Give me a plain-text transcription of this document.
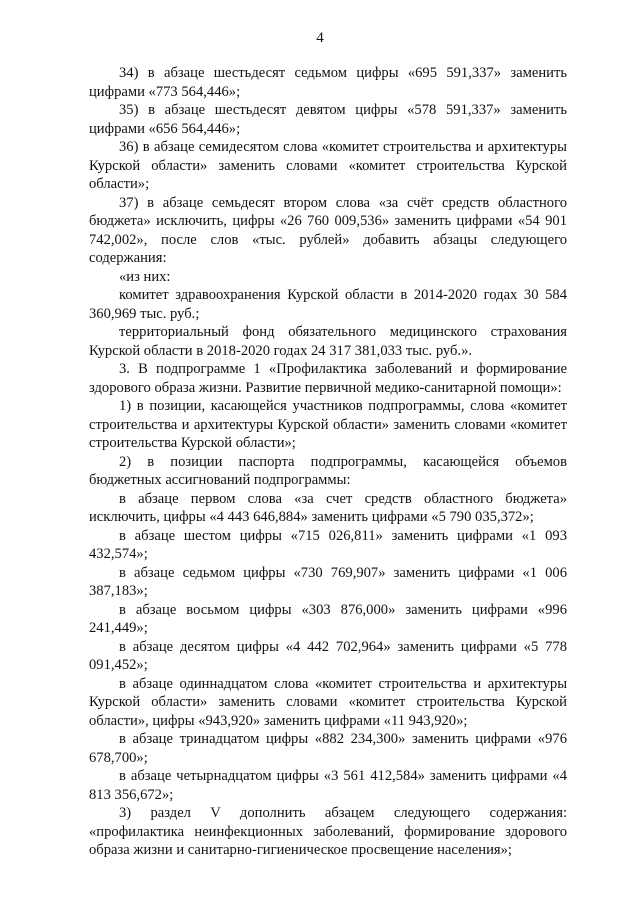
4

34) в абзаце шестьдесят седьмом цифры «695 591,337» заменить цифрами «773 564,446»;

35) в абзаце шестьдесят девятом цифры «578 591,337» заменить цифрами «656 564,446»;

36) в абзаце семидесятом слова «комитет строительства и архитектуры Курской области» заменить словами «комитет строительства Курской области»;

37) в абзаце семьдесят втором слова «за счёт средств областного бюджета» исключить, цифры «26 760 009,536» заменить цифрами «54 901 742,002», после слов «тыс. рублей» добавить абзацы следующего содержания:

«из них:

комитет здравоохранения Курской области в 2014-2020 годах 30 584 360,969 тыс. руб.;

территориальный фонд обязательного медицинского страхования Курской области в 2018-2020 годах 24 317 381,033 тыс. руб.».

3. В подпрограмме 1 «Профилактика заболеваний и формирование здорового образа жизни. Развитие первичной медико-санитарной помощи»:

1) в позиции, касающейся участников подпрограммы, слова «комитет строительства и архитектуры Курской области» заменить словами «комитет строительства Курской области»;

2) в позиции паспорта подпрограммы, касающейся объемов бюджетных ассигнований подпрограммы:

в абзаце первом слова «за счет средств областного бюджета» исключить, цифры «4 443 646,884» заменить цифрами «5 790 035,372»;

в абзаце шестом цифры «715 026,811» заменить цифрами «1 093 432,574»;

в абзаце седьмом цифры «730 769,907» заменить цифрами «1 006 387,183»;

в абзаце восьмом цифры «303 876,000» заменить цифрами «996 241,449»;

в абзаце десятом цифры «4 442 702,964» заменить цифрами «5 778 091,452»;

в абзаце одиннадцатом слова «комитет строительства и архитектуры Курской области» заменить словами «комитет строительства Курской области», цифры «943,920» заменить цифрами «11 943,920»;

в абзаце тринадцатом цифры «882 234,300» заменить цифрами «976 678,700»;

в абзаце четырнадцатом цифры «3 561 412,584» заменить цифрами «4 813 356,672»;

3) раздел V дополнить абзацем следующего содержания: «профилактика неинфекционных заболеваний, формирование здорового образа жизни и санитарно-гигиеническое просвещение населения»;
